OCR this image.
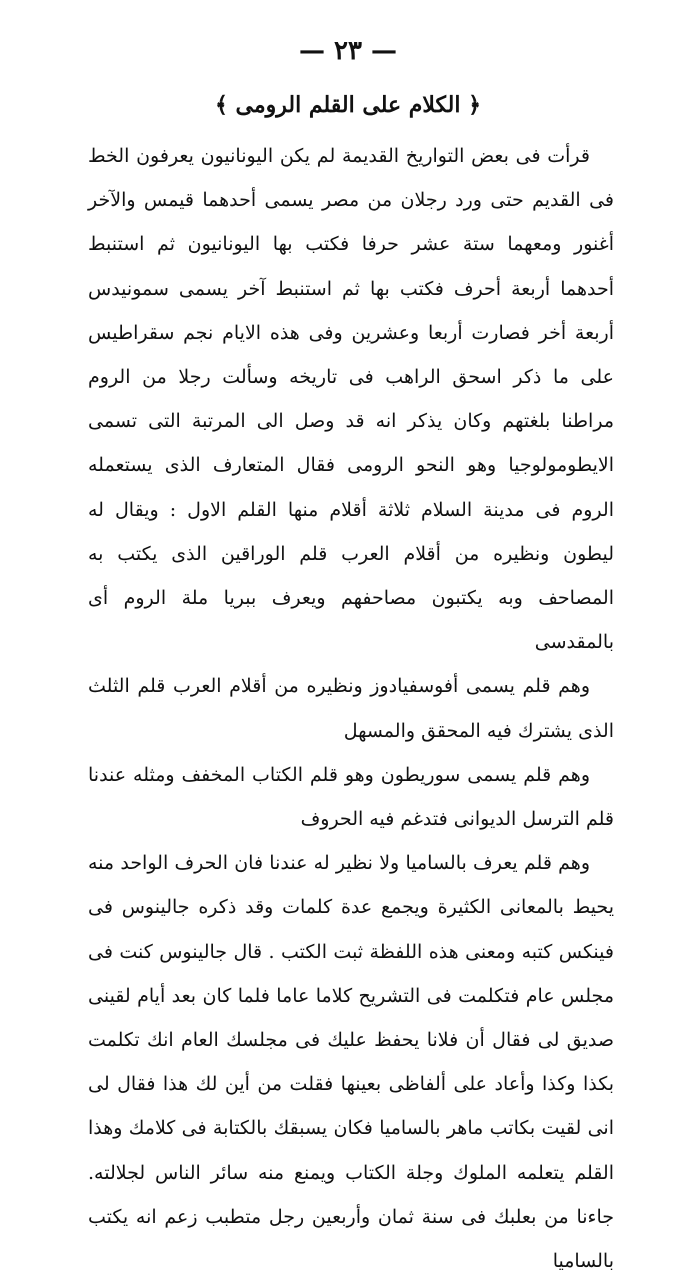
— ٢٣ —
﴿ الكلام على القلم الرومى ﴾

قرأت فى بعض التواريخ القديمة لم يكن اليونانيون يعرفون الخط فى القديم حتى ورد رجلان من مصر يسمى أحدهما قيمس والآخر أغنور ومعهما ستة عشر حرفا فكتب بها اليونانيون ثم استنبط أحدهما أربعة أحرف فكتب بها ثم استنبط آخر يسمى سمونيدس أربعة أخر فصارت أربعا وعشرين وفى هذه الايام نجم سقراطيس على ما ذكر اسحق الراهب فى تاريخه وسألت رجلا من الروم مراطنا بلغتهم وكان يذكر انه قد وصل الى المرتبة التى تسمى الايطومولوجيا وهو النحو الرومى فقال المتعارف الذى يستعمله الروم فى مدينة السلام ثلاثة أقلام منها القلم الاول : ويقال له ليطون ونظيره من أقلام العرب قلم الوراقين الذى يكتب به المصاحف وبه يكتبون مصاحفهم ويعرف ببريا ملة الروم أى بالمقدسى

وهم قلم يسمى أفوسفيادوز ونظيره من أقلام العرب قلم الثلث الذى يشترك فيه المحقق والمسهل

وهم قلم يسمى سوريطون وهو قلم الكتاب المخفف ومثله عندنا قلم الترسل الديوانى فتدغم فيه الحروف

وهم قلم يعرف بالساميا ولا نظير له عندنا فان الحرف الواحد منه يحيط بالمعانى الكثيرة ويجمع عدة كلمات وقد ذكره جالينوس فى فينكس كتبه ومعنى هذه اللفظة ثبت الكتب . قال جالينوس كنت فى مجلس عام فتكلمت فى التشريح كلاما عاما فلما كان بعد أيام لقينى صديق لى فقال أن فلانا يحفظ عليك فى مجلسك العام انك تكلمت بكذا وكذا وأعاد على ألفاظى بعينها فقلت من أين لك هذا فقال لى انى لقيت بكاتب ماهر بالساميا فكان يسبقك بالكتابة فى كلامك وهذا القلم يتعلمه الملوك وجلة الكتاب ويمنع منه سائر الناس لجلالته. جاءنا من بعلبك فى سنة ثمان وأربعين رجل متطبب زعم انه يكتب بالساميا
